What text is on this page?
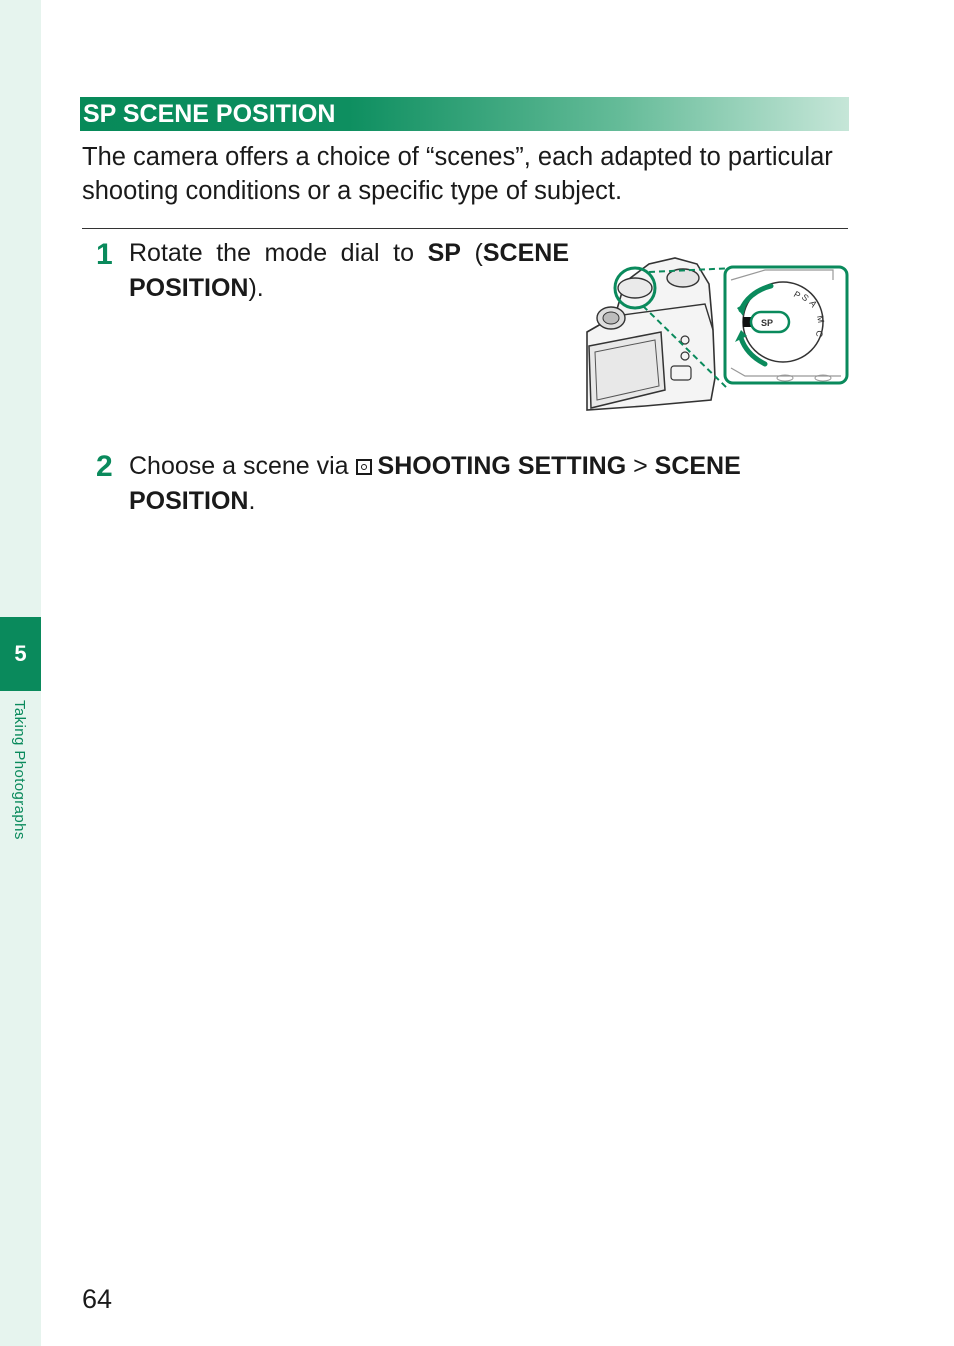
5
Taking Photographs
SP SCENE POSITION

The camera offers a choice of “scenes”, each adapted to particular shooting conditions or a specific type of subject.

1 Rotate the mode dial to SP (SCENE POSITION).	P
A
M
C
S
SP
2 Choose a scene via SHOOTING SETTING > SCENE POSITION.
64
